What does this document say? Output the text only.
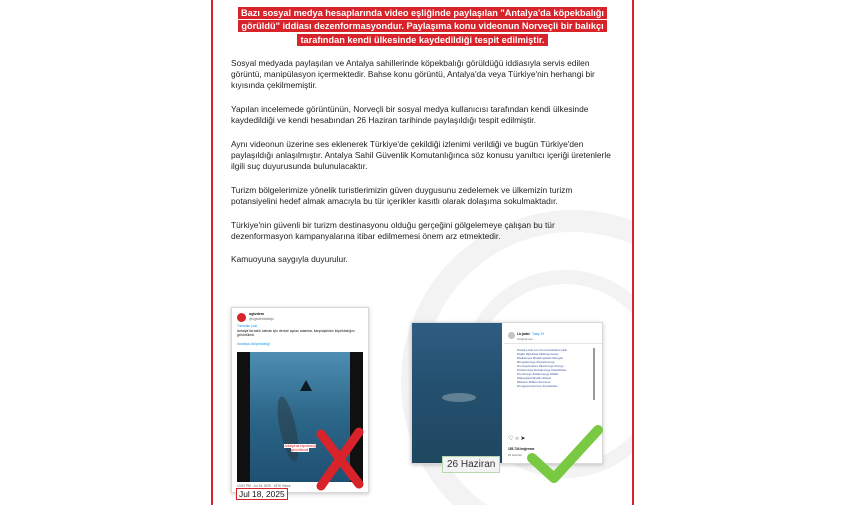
Bazı sosyal medya hesaplarında video eşliğinde paylaşılan "Antalya'da köpekbalığı görüldü" iddiası dezenformasyondur. Paylaşıma konu videonun Norveçli bir balıkçı tarafından kendi ülkesinde kaydedildiği tespit edilmiştir.

Sosyal medyada paylaşılan ve Antalya sahillerinde köpekbalığı görüldüğü iddiasıyla servis edilen görüntü, manipülasyon içermektedir. Bahse konu görüntü, Antalya'da veya Türkiye'nin herhangi bir kıyısında çekilmemiştir.

Yapılan incelemede görüntünün, Norveçli bir sosyal medya kullanıcısı tarafından kendi ülkesinde kaydedildiği ve kendi hesabından 26 Haziran tarihinde paylaşıldığı tespit edilmiştir.

Aynı videonun üzerine ses eklenerek Türkiye'de çekildiği izlenimi verildiği ve bugün Türkiye'den paylaşıldığı anlaşılmıştır. Antalya Sahil Güvenlik Komutanlığınca söz konusu yanıltıcı içeriği üretenlerle ilgili suç duyurusunda bulunulacaktır.

Turizm bölgelerimize yönelik turistlerimizin güven duygusunu zedelemek ve ülkemizin turizm potansiyelini hedef almak amacıyla bu tür içerikler kasıtlı olarak dolaşıma sokulmaktadır.

Türkiye'nin güvenli bir turizm destinasyonu olduğu gerçeğini gölgelemeye çalışan bu tür dezenformasyon kampanyalarına itibar edilmemesi önem arz etmektedir.

Kamuoyuna saygıyla duyurulur.

ogtvdem
@ogtvdemfotkepi
Translate post
Antalya'da balık tutmak için denize açılan adamlar, karşılaştıkları köpekbalığını görüntüledi.
#antalya #köpekbalığı
Antalya'da köpekbalığı görüntülendi
10:52 PM · Jul 18, 2025 · 187K Views
Jul 18, 2025
Lk.jadsi · Takip Et
Original ses
Daniel-Linde Lien Sommerkidskomdvik
#sjøliv #fjordlivet #fishingnorway
#haikamera #baskingshark #brugde
#brugdeinorge #reiselivnorge
#norwayisnature #fjordnorge #norge
#visitnorway #utsidenorge #naturbilder
#nordnorge #elskernorge #båtliv
#skjærgård #kystliv #havet
#fisketur #båttur #sommer
#norgesomsommer #vestlandet
♡ ○ ➤
155.734 beğenme
26 Haziran
26 Haziran
